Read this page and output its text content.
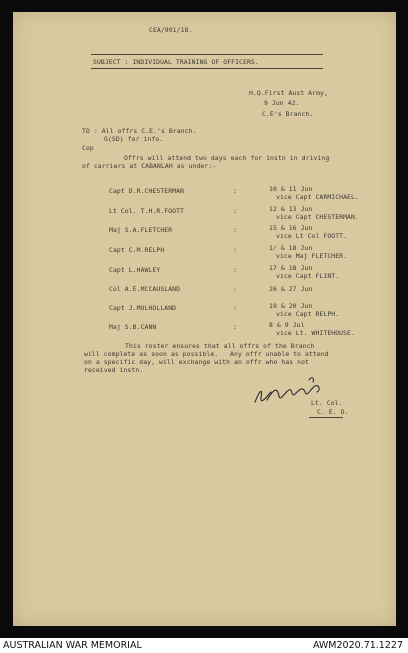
CEA/991/18.
SUBJECT : INDIVIDUAL TRAINING OF OFFICERS.
H.Q.First Aust Army,
9 Jun 42.
C.E's Branch.
TO : All offrs C.E.'s Branch.
G(SD) for info.
Cop
Offrs will attend two days each for instn in driving
of carriers at CABANLAH as under:-
Capt D.R.CHESTERMAN	:	10 & 11 Jun
vice Capt CARMICHAEL.
Lt Col. T.H.R.FOOTT	:	12 & 13 Jun
vice Capt CHESTERMAN.
Maj S.A.FLETCHER	:	15 & 16 Jun
vice Lt Col FOOTT.
Capt C.M.RELPH	:	1̸ & 18 Jun
vice Maj FLETCHER.
Capt L.HAWLEY	:	17 & 18 Jun
vice Capt FLINT.
Col A.E.MCCAUSLAND	:	26 & 27 Jun
Capt J.MULHOLLAND	:	19 & 20 Jun
vice Capt RELPH.
Maj S.B.CANN	:	8 & 9 Jul
vice Lt. WHITEHOUSE.
This roster ensures that all offrs of the Branch
will complete as soon as possible.   Any offr unable to attend
on a specific day, will exchange with an offr who has not
received instn.
Lt. Col.
C. E. O.
AUSTRALIAN WAR MEMORIAL	AWM2020.71.1227
